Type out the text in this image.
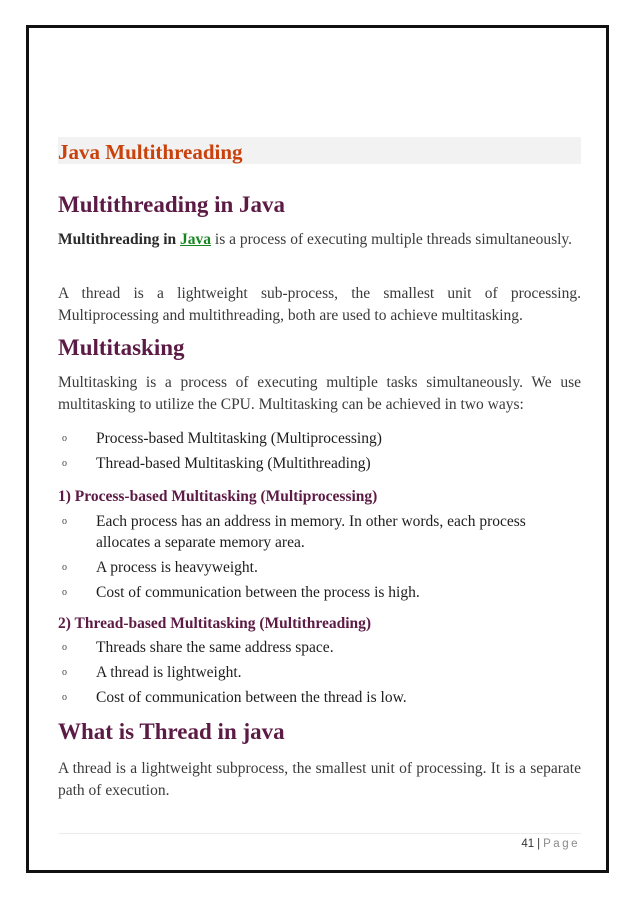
Java Multithreading
Multithreading in Java
Multithreading in Java is a process of executing multiple threads simultaneously.
A thread is a lightweight sub-process, the smallest unit of processing. Multiprocessing and multithreading, both are used to achieve multitasking.
Multitasking
Multitasking is a process of executing multiple tasks simultaneously. We use multitasking to utilize the CPU. Multitasking can be achieved in two ways:
o Process-based Multitasking (Multiprocessing)
o Thread-based Multitasking (Multithreading)
1) Process-based Multitasking (Multiprocessing)
o Each process has an address in memory. In other words, each process allocates a separate memory area.
o A process is heavyweight.
o Cost of communication between the process is high.
2) Thread-based Multitasking (Multithreading)
o Threads share the same address space.
o A thread is lightweight.
o Cost of communication between the thread is low.
What is Thread in java
A thread is a lightweight subprocess, the smallest unit of processing. It is a separate path of execution.
41 | Page
